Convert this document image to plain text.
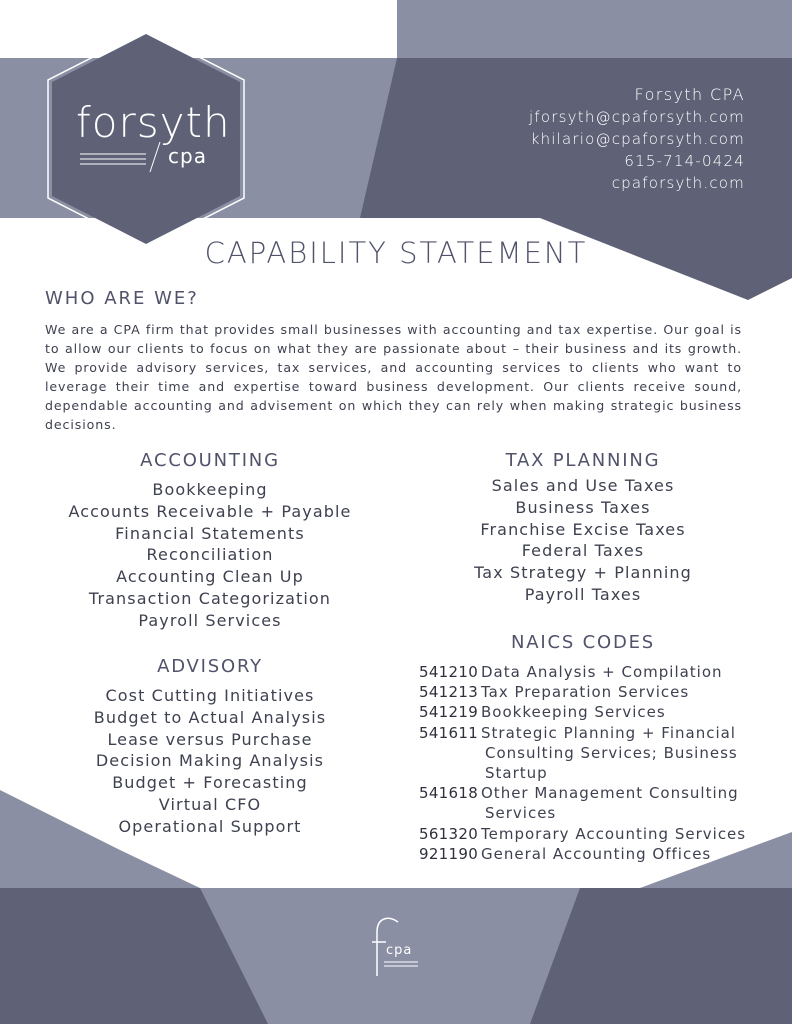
forsyth
cpa
Forsyth CPA
jforsyth@cpaforsyth.com
khilario@cpaforsyth.com
615-714-0424
cpaforsyth.com
CAPABILITY STATEMENT
WHO ARE WE?

We are a CPA firm that provides small businesses with accounting and tax expertise. Our goal is to allow our clients to focus on what they are passionate about – their business and its growth. We provide advisory services, tax services, and accounting services to clients who want to leverage their time and expertise toward business development. Our clients receive sound, dependable accounting and advisement on which they can rely when making strategic business decisions.

ACCOUNTING
Bookkeeping
Accounts Receivable + Payable
Financial Statements
Reconciliation
Accounting Clean Up
Transaction Categorization
Payroll Services
ADVISORY
Cost Cutting Initiatives
Budget to Actual Analysis
Lease versus Purchase
Decision Making Analysis
Budget + Forecasting
Virtual CFO
Operational Support
TAX PLANNING
Sales and Use Taxes
Business Taxes
Franchise Excise Taxes
Federal Taxes
Tax Strategy + Planning
Payroll Taxes
NAICS CODES
541210 Data Analysis + Compilation
541213 Tax Preparation Services
541219 Bookkeeping Services
541611 Strategic Planning + Financial
Consulting Services; Business
Startup
541618 Other Management Consulting
Services
561320 Temporary Accounting Services
921190 General Accounting Offices
cpa
